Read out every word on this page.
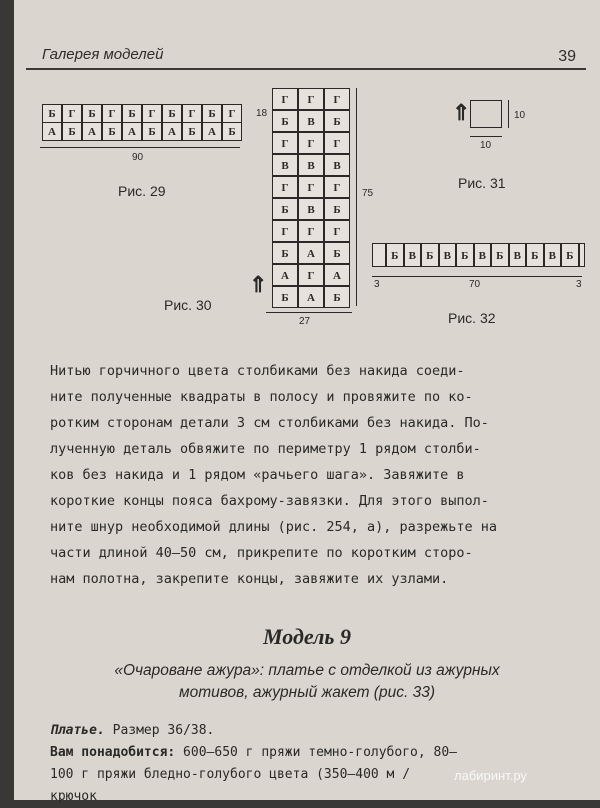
Галерея моделей	39
18
90
Рис. 29	75
27
Рис. 30
⇑
⇑	10
10
Рис. 31
3	70	3
Рис. 32

Нитью горчичного цвета столбиками без накида соеди-

ните полученные квадраты в полосу и провяжите по ко-

ротким сторонам детали 3 см столбиками без накида. По-

лученную деталь обвяжите по периметру 1 рядом столби-

ков без накида и 1 рядом «рачьего шага». Завяжите в

короткие концы пояса бахрому-завязки. Для этого выпол-

ните шнур необходимой длины (рис. 254, а), разрежьте на

части длиной 40–50 см, прикрепите по коротким сторо-

нам полотна, закрепите концы, завяжите их узлами.

Модель 9
«Очароване ажура»: платье с отделкой из ажурных
мотивов, ажурный жакет (рис. 33)
Платье. Размер 36/38.
Вам понадобится: 600–650 г пряжи темно-голубого, 80–
100 г пряжи бледно-голубого цвета (350–400 м /
крючок
лабиринт.ру
Б	Г	Б	Г	Б	Г	Б	Г	Б	Г
А	Б	А	Б	А	Б	А	Б	А	Б
Г	Г	Г
Б	В	Б
Г	Г	Г
В	В	В
Г	Г	Г
Б	В	Б
Г	Г	Г
Б	А	Б
А	Г	А
Б	А	Б
Б В Б В Б В Б В Б В Б
